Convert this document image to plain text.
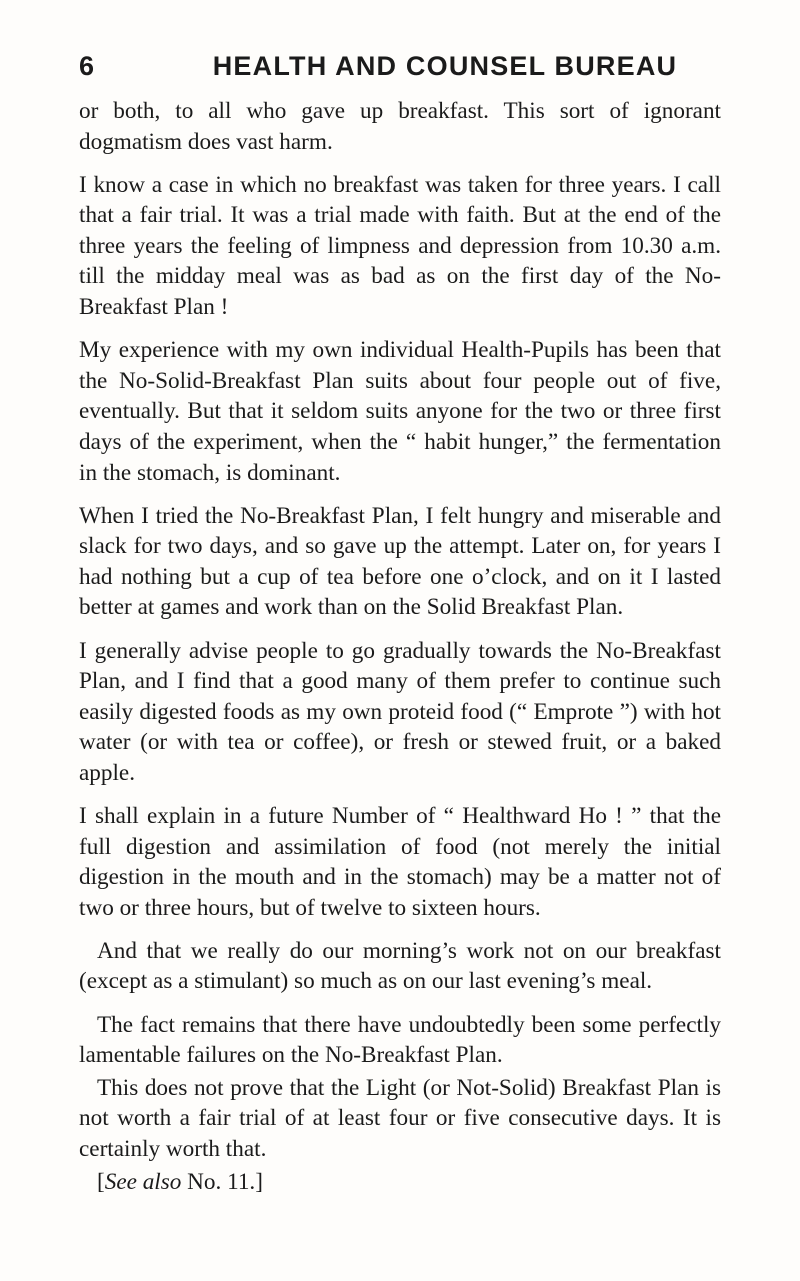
6	HEALTH AND COUNSEL BUREAU

or both, to all who gave up breakfast. This sort of ignorant dogmatism does vast harm.

I know a case in which no breakfast was taken for three years. I call that a fair trial. It was a trial made with faith. But at the end of the three years the feeling of limpness and depression from 10.30 a.m. till the midday meal was as bad as on the first day of the No-Breakfast Plan !

My experience with my own individual Health-Pupils has been that the No-Solid-Breakfast Plan suits about four people out of five, eventually. But that it seldom suits anyone for the two or three first days of the experiment, when the “ habit hunger,” the fermentation in the stomach, is dominant.

When I tried the No-Breakfast Plan, I felt hungry and miserable and slack for two days, and so gave up the attempt. Later on, for years I had nothing but a cup of tea before one o’clock, and on it I lasted better at games and work than on the Solid Breakfast Plan.

I generally advise people to go gradually towards the No-Breakfast Plan, and I find that a good many of them prefer to continue such easily digested foods as my own proteid food (“ Emprote ”) with hot water (or with tea or coffee), or fresh or stewed fruit, or a baked apple.

I shall explain in a future Number of “ Healthward Ho ! ” that the full digestion and assimilation of food (not merely the initial digestion in the mouth and in the stomach) may be a matter not of two or three hours, but of twelve to sixteen hours.

And that we really do our morning’s work not on our breakfast (except as a stimulant) so much as on our last evening’s meal.

The fact remains that there have undoubtedly been some perfectly lamentable failures on the No-Breakfast Plan.

This does not prove that the Light (or Not-Solid) Breakfast Plan is not worth a fair trial of at least four or five consecutive days. It is certainly worth that.

[See also No. 11.]
